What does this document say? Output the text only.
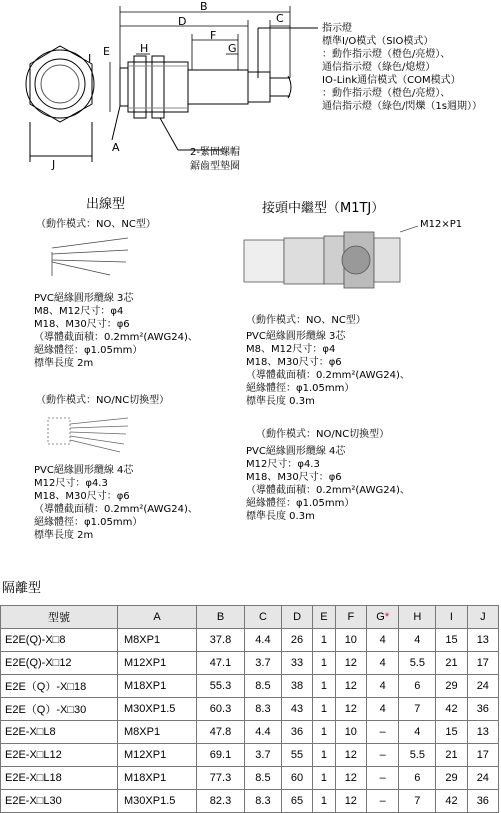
B
D	C
E	H
F
G
A
I
J
指示燈
標準I/O模式（SIO模式）
：動作指示燈（橙色/亮燈）、
通信指示燈（綠色/熄燈）
IO-Link通信模式（COM模式）
：動作指示燈（橙色/亮燈）、
通信指示燈（綠色/閃爍（1s週期））
2-緊固螺帽
鋸齒型墊圈
出線型
（動作模式：NO、NC型）
PVC絕緣圓形纜線 3芯
M8、M12尺寸：φ4
M18、M30尺寸：φ6
（導體截面積：0.2mm²(AWG24)、
絕緣體徑：φ1.05mm）
標準長度 2m
（動作模式：NO/NC切換型）
PVC絕緣圓形纜線 4芯
M12尺寸：φ4.3
M18、M30尺寸：φ6
（導體截面積：0.2mm²(AWG24)、
絕緣體徑：φ1.05mm）
標準長度 2m
接頭中繼型（M1TJ）
M12×P1
（動作模式：NO、NC型）
PVC絕緣圓形纜線 3芯
M8、M12尺寸：φ4
M18、M30尺寸：φ6
（導體截面積：0.2mm²(AWG24)、
絕緣體徑：φ1.05mm）
標準長度 0.3m
（動作模式：NO/NC切換型）
PVC絕緣圓形纜線 4芯
M12尺寸：φ4.3
M18、M30尺寸：φ6
（導體截面積：0.2mm²(AWG24)、
絕緣體徑：φ1.05mm）
標準長度 0.3m
隔離型
型號	A	B	C	D	E	F	G*	H	I	J
E2E(Q)-X□8	M8XP1	37.8	4.4	26	1	10	4	4	15	13
E2E(Q)-X□12	M12XP1	47.1	3.7	33	1	12	4	5.5	21	17
E2E（Q）-X□18	M18XP1	55.3	8.5	38	1	12	4	6	29	24
E2E（Q）-X□30	M30XP1.5	60.3	8.3	43	1	12	4	7	42	36
E2E-X□L8	M8XP1	47.8	4.4	36	1	10	–	4	15	13
E2E-X□L12	M12XP1	69.1	3.7	55	1	12	–	5.5	21	17
E2E-X□L18	M18XP1	77.3	8.5	60	1	12	–	6	29	24
E2E-X□L30	M30XP1.5	82.3	8.3	65	1	12	–	7	42	36
